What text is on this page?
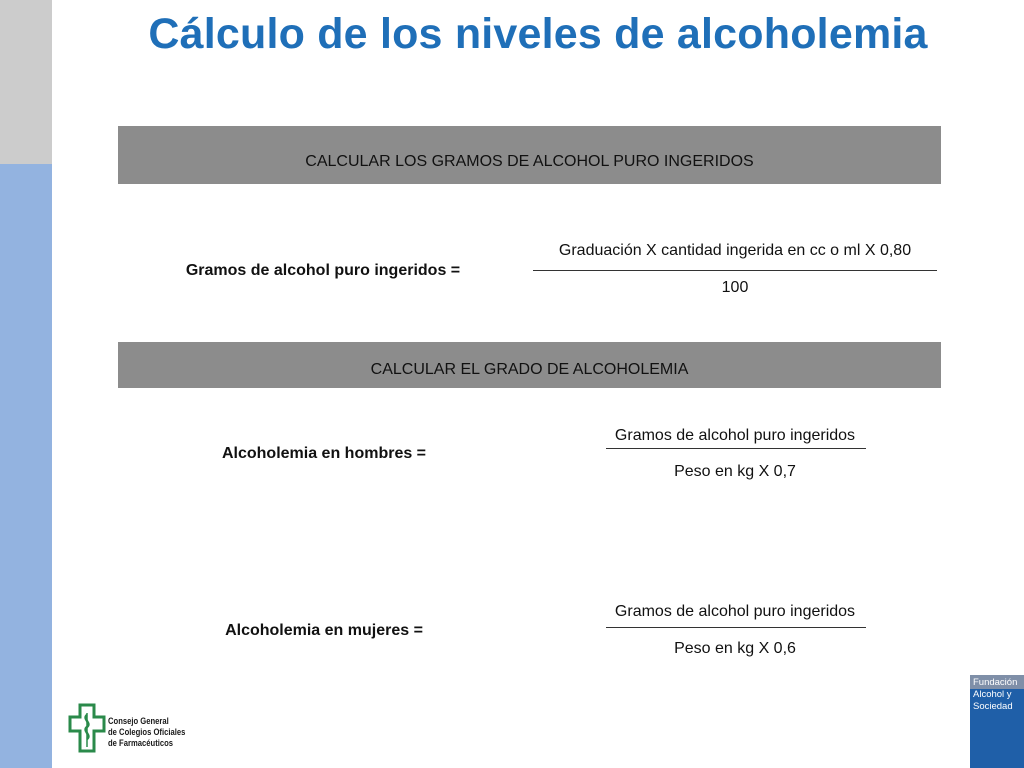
Cálculo de los niveles de alcoholemia
CALCULAR LOS GRAMOS DE ALCOHOL PURO INGERIDOS
Gramos de alcohol puro ingeridos =
Graduación X cantidad ingerida en cc o ml X 0,80
100
CALCULAR EL GRADO DE ALCOHOLEMIA
Alcoholemia en hombres =
Gramos de alcohol puro ingeridos
Peso en kg X 0,7
Alcoholemia en mujeres =
Gramos de alcohol puro ingeridos
Peso en kg X 0,6
Consejo General
de Colegios Oficiales
de Farmacéuticos
Fundación
Alcohol y
Sociedad
